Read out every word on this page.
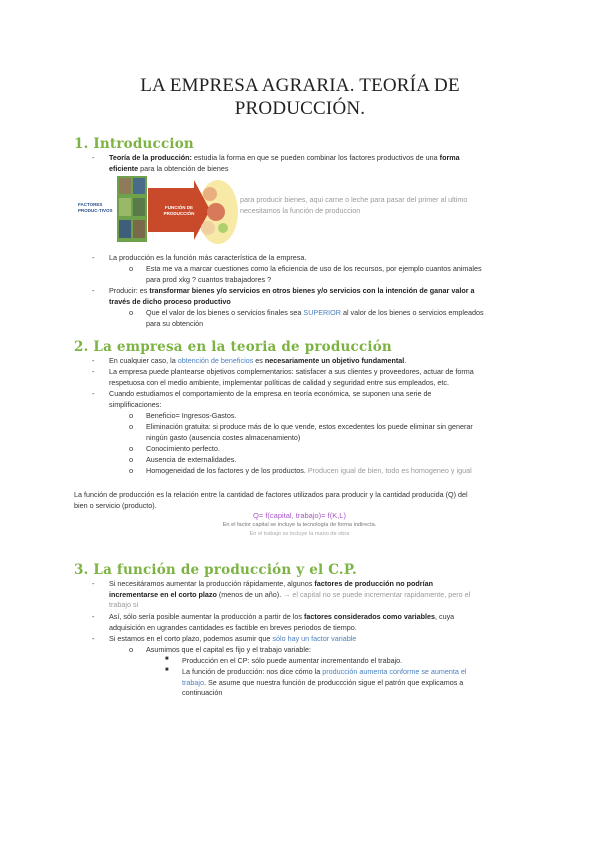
LA EMPRESA AGRARIA. TEORÍA DE
PRODUCCIÓN.
1. Introduccion
- Teoría de la producción: estudia la forma en que se pueden combinar los factores productivos de una forma
eficiente para la obtención de bienes
FACTORES PRODUC-TIVOS	FUNCIÓN DE PRODUCCIÓN
para producir bienes, aqui carne o leche para pasar del primer al ultimo
necesitamos la función de produccion
- La producción es la función más característica de la empresa.
o Esta me va a marcar cuestiones como la eficiencia de uso de los recursos, por ejemplo cuantos animales
para prod xkg ? cuantos trabajadores ?
- Producir: es transformar bienes y/o servicios en otros bienes y/o servicios con la intención de ganar valor a
través de dicho proceso productivo
o Que el valor de los bienes o servicios finales sea SUPERIOR al valor de los bienes o servicios empleados
para su obtención
2. La empresa en la teoria de producción
- En cualquier caso, la obtención de beneficios es necesariamente un objetivo fundamental.
- La empresa puede plantearse objetivos complementarios: satisfacer a sus clientes y proveedores, actuar de forma
respetuosa con el medio ambiente, implementar políticas de calidad y seguridad entre sus empleados, etc.
- Cuando estudiamos el comportamiento de la empresa en teoría económica, se suponen una serie de
simplificaciones:
o Beneficio= Ingresos-Gastos.
o Eliminación gratuita: si produce más de lo que vende, estos excedentes los puede eliminar sin generar
ningún gasto (ausencia costes almacenamiento)
o Conocimiento perfecto.
o Ausencia de externalidades.
o Homogeneidad de los factores y de los productos. Producen igual de bien, todo es homogeneo y igual
La función de producción es la relación entre la cantidad de factores utilizados para producir y la cantidad producida (Q) del
bien o servicio (producto).
Q= f(capital, trabajo)= f(K,L)
En el factor capital se incluye la tecnología de forma indirecta.
En el trabajo se incluye la mano de obra
3. La función de producción y el C.P.
- Si necesitáramos aumentar la producción rápidamente, algunos factores de producción no podrían
incrementarse en el corto plazo (menos de un año). → el capital no se puede incrementar rapidamente, pero el
trabajo si
- Así, sólo sería posible aumentar la producción a partir de los factores considerados como variables, cuya
adquisición en ugrandes cantidades es factible en breves periodos de tiempo.
- Si estamos en el corto plazo, podemos asumir que sólo hay un factor variable
o Asumimos que el capital es fijo y el trabajo variable:
■ Producción en el CP: sólo puede aumentar incrementando el trabajo.
■ La función de producción: nos dice cómo la producción aumenta conforme se aumenta el
trabajo. Se asume que nuestra función de produccción sigue el patrón que explicamos a
continuación
